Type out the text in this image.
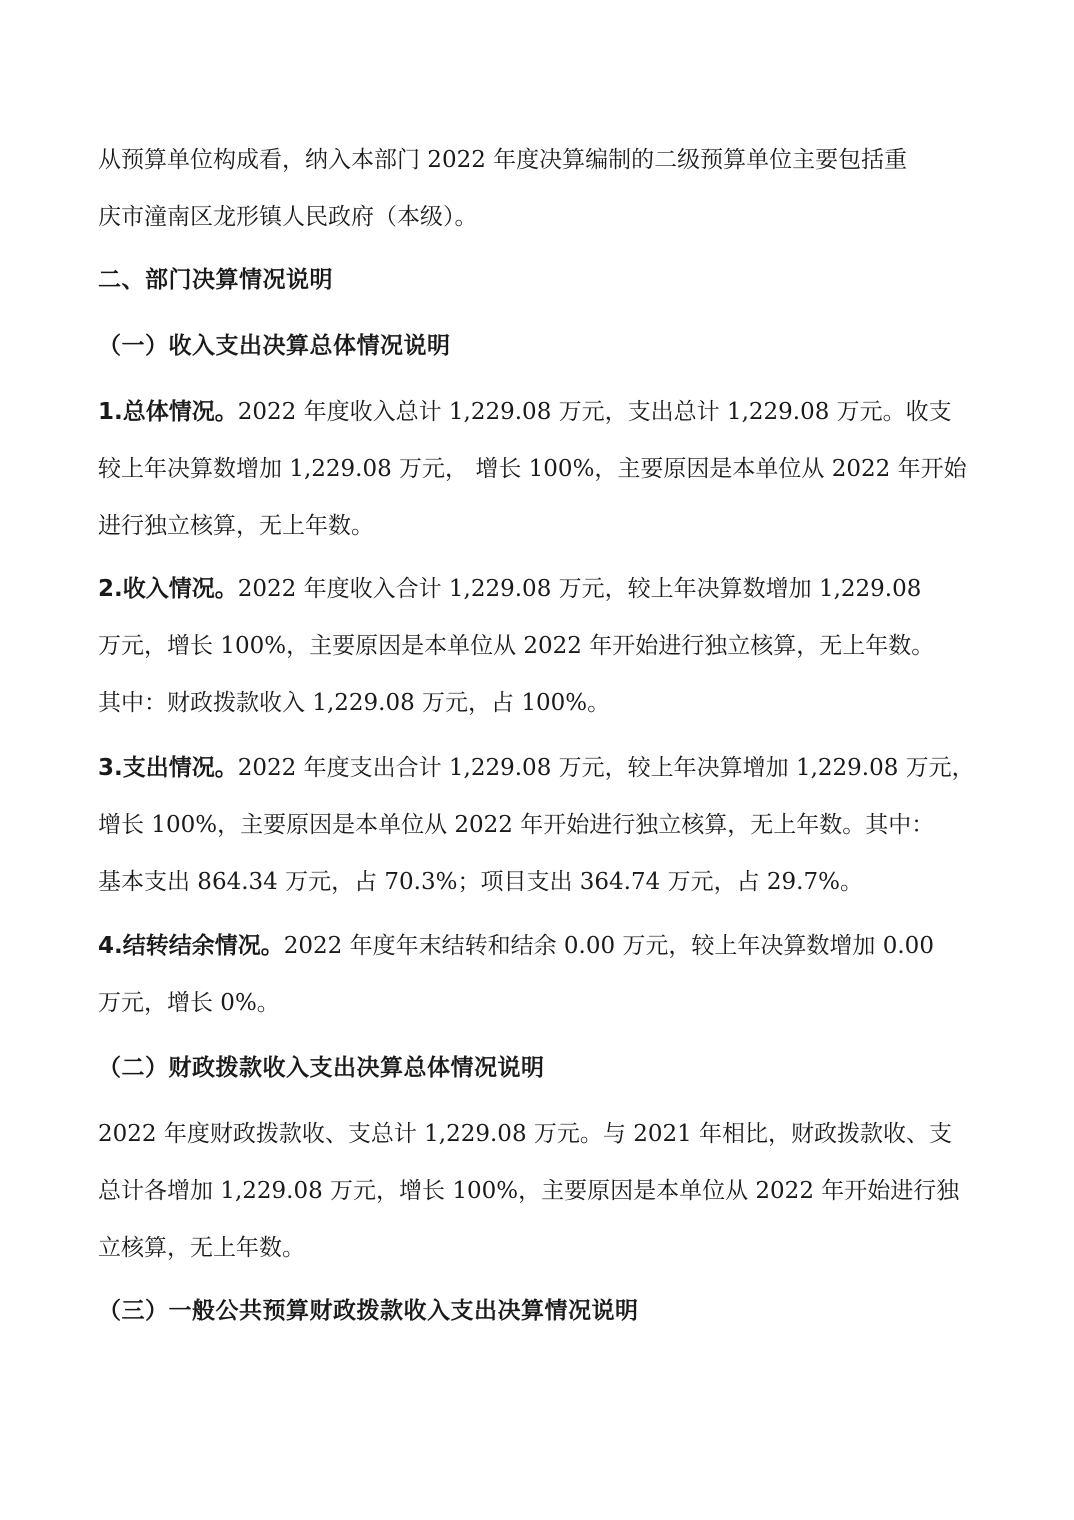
从预算单位构成看，纳入本部门 2022 年度决算编制的二级预算单位主要包括重
庆市潼南区龙形镇人民政府（本级）。

二、部门决算情况说明
（一）收入支出决算总体情况说明

1.总体情况。2022 年度收入总计 1,229.08 万元，支出总计 1,229.08 万元。收支
较上年决算数增加 1,229.08 万元， 增长 100%，主要原因是本单位从 2022 年开始
进行独立核算，无上年数。

2.收入情况。2022 年度收入合计 1,229.08 万元，较上年决算数增加 1,229.08
万元，增长 100%，主要原因是本单位从 2022 年开始进行独立核算，无上年数。
其中：财政拨款收入 1,229.08 万元，占 100%。

3.支出情况。2022 年度支出合计 1,229.08 万元，较上年决算增加 1,229.08 万元，
增长 100%，主要原因是本单位从 2022 年开始进行独立核算，无上年数。其中：
基本支出 864.34 万元，占 70.3%；项目支出 364.74 万元，占 29.7%。

4.结转结余情况。2022 年度年末结转和结余 0.00 万元，较上年决算数增加 0.00
万元，增长 0%。

（二）财政拨款收入支出决算总体情况说明

2022 年度财政拨款收、支总计 1,229.08 万元。与 2021 年相比，财政拨款收、支
总计各增加 1,229.08 万元，增长 100%，主要原因是本单位从 2022 年开始进行独
立核算，无上年数。

（三）一般公共预算财政拨款收入支出决算情况说明
